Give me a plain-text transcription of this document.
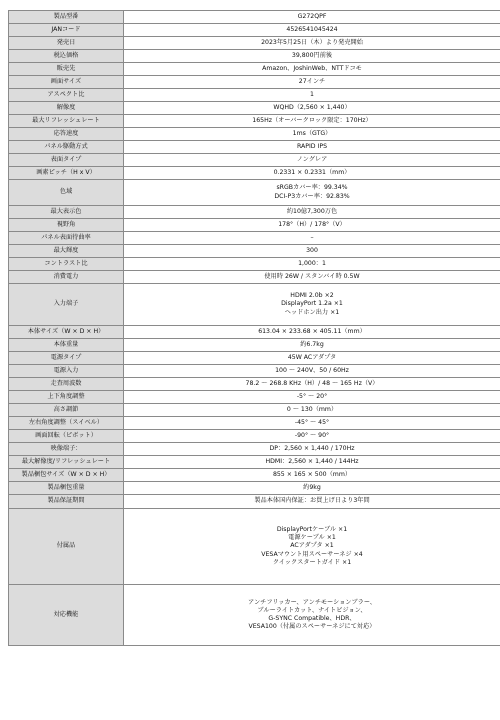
製品型番	G272QPF

JANコード	4526541045424

発売日	2023年5月25日（木）より発売開始

税込価格	39,800円前後

販売先	Amazon、JoshinWeb、NTTドコモ

画面サイズ	27インチ

アスペクト比	1

解像度	WQHD（2,560 × 1,440）

最大リフレッシュレート	165Hz（オーバークロック限定：170Hz）

応答速度	1ms（GTG）

パネル駆動方式	RAPID IPS

表面タイプ	ノングレア

画素ピッチ（H x V）	0.2331 × 0.2331（mm）

色域	sRGBカバー率：99.34%
DCI-P3カバー率：92.83%

最大表示色	約10億7,300万色

視野角	178°（H）/ 178°（V）

パネル表面待曲率	–

最大輝度	300

コントラスト比	1,000：1

消費電力	使用時 26W / スタンバイ時 0.5W

入力端子	HDMI 2.0b ×2
DisplayPort 1.2a ×1
ヘッドホン出力 ×1

本体サイズ（W × D × H）	613.04 × 233.68 × 405.11（mm）

本体重量	約6.7kg

電源タイプ	45W ACアダプタ

電源入力	100 ～ 240V、50 / 60Hz

走査周波数	78.2 ～ 268.8 KHz（H）/ 48 ～ 165 Hz（V）

上下角度調整	-5° ～ 20°

高さ調節	0 ～ 130（mm）

左右角度調整（スイベル）	-45° ～ 45°

画面回転（ピボット）	-90° ～ 90°

映像端子：	DP：2,560 × 1,440 / 170Hz

最大解像度/リフレッシュレート	HDMI：2,560 × 1,440 / 144Hz

製品梱包サイズ（W × D × H）	855 × 165 × 500（mm）

製品梱包重量	約9kg

製品保証期間	製品本体国内保証：お買上げ日より3年間

付属品	DisplayPortケーブル ×1
電源ケーブル ×1
ACアダプタ ×1
VESAマウント用スペーサーネジ ×4
クイックスタートガイド ×1

対応機能	アンチフリッカー、アンチモーションブラー、
ブルーライトカット、ナイトビジョン、
G-SYNC Compatible、HDR、
VESA100（付属のスペーサーネジにて対応）
